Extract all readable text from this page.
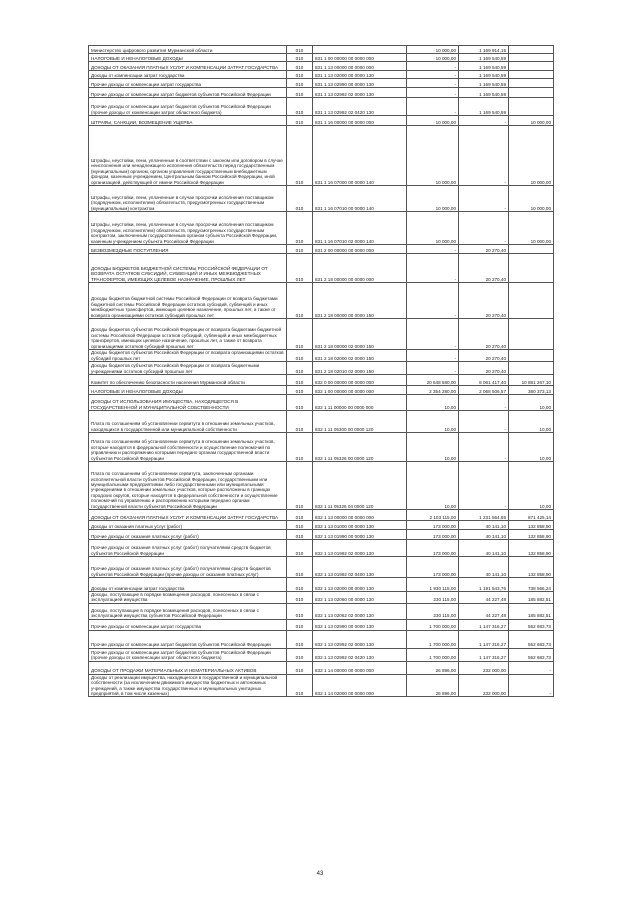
Министерство цифрового развития Мурманской области	010		10 000,00	1 169 914,15	
НАЛОГОВЫЕ И НЕНАЛОГОВЫЕ ДОХОДЫ	010	831 1 00 00000 00 0000 000	10 000,00	1 169 540,59	
ДОХОДЫ ОТ ОКАЗАНИЯ ПЛАТНЫХ УСЛУГ И КОМПЕНСАЦИИ ЗАТРАТ ГОСУДАРСТВА	010	831 1 13 00000 00 0000 000	-	1 169 540,59	
Доходы от компенсации затрат государства	010	831 1 13 02000 00 0000 130	-	1 169 540,59	
Прочие доходы от компенсации затрат государства	010	831 1 13 02990 00 0000 130	-	1 169 540,59	
Прочие доходы от компенсации затрат бюджетов субъектов Российской Федерации	010	831 1 13 02992 02 0000 130	-	1 169 540,59	
Прочие доходы от компенсации затрат бюджетов субъектов Российской Федерации (прочие доходы от компенсации затрат областного бюджета)	010	831 1 13 02992 02 0420 130	-	1 169 540,59	
ШТРАФЫ, САНКЦИИ, ВОЗМЕЩЕНИЕ УЩЕРБА	010	831 1 16 00000 00 0000 000	10 000,00	-	10 000,00
Штрафы, неустойки, пени, уплаченные в соответствии с законом или договором в случае неисполнения или ненадлежащего исполнения обязательств перед государственным (муниципальным) органом, органом управления государственным внебюджетным фондом, казенным учреждением, Центральным банком Российской Федерации, иной организацией, действующей от имени Российской Федерации	010	831 1 16 07000 00 0000 140	10 000,00	-	10 000,00
Штрафы, неустойки, пени, уплаченные в случае просрочки исполнения поставщиком (подрядчиком, исполнителем) обязательств, предусмотренных государственным (муниципальным) контрактом	010	831 1 16 07010 00 0000 140	10 000,00	-	10 000,00
Штрафы, неустойки, пени, уплаченные в случае просрочки исполнения поставщиком (подрядчиком, исполнителем) обязательств, предусмотренных государственным контрактом, заключенным государственным органом субъекта Российской Федерации, казенным учреждением субъекта Российской Федерации	010	831 1 16 07010 02 0000 140	10 000,00	-	10 000,00
БЕЗВОЗМЕЗДНЫЕ ПОСТУПЛЕНИЯ	010	831 2 00 00000 00 0000 000	-	20 270,40	
ДОХОДЫ БЮДЖЕТОВ БЮДЖЕТНОЙ СИСТЕМЫ РОССИЙСКОЙ ФЕДЕРАЦИИ ОТ ВОЗВРАТА ОСТАТКОВ СУБСИДИЙ, СУБВЕНЦИЙ И ИНЫХ МЕЖБЮДЖЕТНЫХ ТРАНСФЕРТОВ, ИМЕЮЩИХ ЦЕЛЕВОЕ НАЗНАЧЕНИЕ, ПРОШЛЫХ ЛЕТ	010	831 2 18 00000 00 0000 000	-	20 270,40	
Доходы бюджетов бюджетной системы Российской Федерации от возврата бюджетами бюджетной системы Российской Федерации остатков субсидий, субвенций и иных межбюджетных трансфертов, имеющих целевое назначение, прошлых лет, а также от возврата организациями остатков субсидий прошлых лет	010	831 2 18 00000 00 0000 150	-	20 270,40	
Доходы бюджетов субъектов Российской Федерации от возврата бюджетами бюджетной системы Российской Федерации остатков субсидий, субвенций и иных межбюджетных трансфертов, имеющих целевое назначение, прошлых лет, а также от возврата организациями остатков субсидий прошлых лет	010	831 2 18 00000 02 0000 150	-	20 270,40	
Доходы бюджетов субъектов Российской Федерации от возврата организациями остатков субсидий прошлых лет	010	831 2 18 02000 02 0000 150	-	20 270,40	
Доходы бюджетов субъектов Российской Федерации от возврата бюджетными учреждениями остатков субсидий прошлых лет	010	831 2 18 02010 02 0000 150	-	20 270,40	
Комитет по обеспечению безопасности населения Мурманской области	010	832 0 00 00000 00 0000 000	20 648 580,00	8 061 417,40	10 881 267,10
НАЛОГОВЫЕ И НЕНАЛОГОВЫЕ ДОХОДЫ	010	832 1 00 00000 00 0000 000	2 354 280,00	2 068 506,57	380 373,13
ДОХОДЫ ОТ ИСПОЛЬЗОВАНИЯ ИМУЩЕСТВА, НАХОДЯЩЕГОСЯ В ГОСУДАРСТВЕННОЙ И МУНИЦИПАЛЬНОЙ СОБСТВЕННОСТИ	010	832 1 11 00000 00 0000 000	10,00	-	10,00
Плата по соглашениям об установлении сервитута в отношении земельных участков, находящихся в государственной или муниципальной собственности	010	832 1 11 05300 00 0000 120	10,00	-	10,00
Плата по соглашениям об установлении сервитута в отношении земельных участков, которые находятся в федеральной собственности и осуществление полномочий по управлению и распоряжению которыми передано органам государственной власти субъектов Российской Федерации	010	832 1 11 05326 00 0000 120	10,00	-	10,00
Плата по соглашениям об установлении сервитута, заключенным органами исполнительной власти субъектов Российской Федерации, государственными или муниципальными предприятиями либо государственными или муниципальными учреждениями в отношении земельных участков, которые расположены в границах городских округов, которые находятся в федеральной собственности и осуществление полномочий по управлению и распоряжению которыми передано органам государственной власти субъектов Российской Федерации	010	832 1 11 05326 04 0000 120	10,00	-	10,00
ДОХОДЫ ОТ ОКАЗАНИЯ ПЛАТНЫХ УСЛУГ И КОМПЕНСАЦИИ ЗАТРАТ ГОСУДАРСТВА	010	832 1 13 00000 00 0000 000	2 103 115,00	1 231 564,65	871 425,14
Доходы от оказания платных услуг (работ)	010	832 1 13 01000 00 0000 130	173 000,00	40 141,10	132 858,90
Прочие доходы от оказания платных услуг (работ)	010	832 1 13 01990 00 0000 130	173 000,00	40 141,10	132 858,90
Прочие доходы от оказания платных услуг (работ) получателями средств бюджетов субъектов Российской Федерации	010	832 1 13 01992 02 0000 130	173 000,00	40 141,10	132 858,90
Прочие доходы от оказания платных услуг (работ) получателями средств бюджетов субъектов Российской Федерации (прочие доходы от оказания платных услуг)	010	832 1 13 01992 02 0400 130	173 000,00	40 141,10	132 858,90
Доходы от компенсации затрат государства	010	832 1 13 02000 00 0000 130	1 930 115,00	1 191 543,76	738 566,24
Доходы, поступающие в порядке возмещения расходов, понесенных в связи с эксплуатацией имущества	010	832 1 13 02060 00 0000 130	230 115,00	44 227,48	185 882,51
Доходы, поступающие в порядке возмещения расходов, понесенных в связи с эксплуатацией имущества субъектов Российской Федерации	010	832 1 13 02062 02 0000 130	230 115,00	44 227,48	185 882,51
Прочие доходы от компенсации затрат государства	010	832 1 13 02990 00 0000 130	1 700 000,00	1 147 316,27	552 683,73
Прочие доходы от компенсации затрат бюджетов субъектов Российской Федерации	010	832 1 13 02992 02 0000 130	1 700 000,00	1 147 316,27	552 683,73
Прочие доходы от компенсации затрат бюджетов субъектов Российской Федерации (прочие доходы от компенсации затрат областного бюджета)	010	832 1 13 02992 02 0420 130	1 700 000,00	1 147 316,27	552 683,73
ДОХОДЫ ОТ ПРОДАЖИ МАТЕРИАЛЬНЫХ И НЕМАТЕРИАЛЬНЫХ АКТИВОВ	010	832 1 14 00000 00 0000 000	26 896,00	232 000,00	-
Доходы от реализации имущества, находящегося в государственной и муниципальной собственности (за исключением движимого имущества бюджетных и автономных учреждений, а также имущества государственных и муниципальных унитарных предприятий, в том числе казенных)	010	832 1 14 02000 00 0000 000	26 896,00	232 000,00	-
43
